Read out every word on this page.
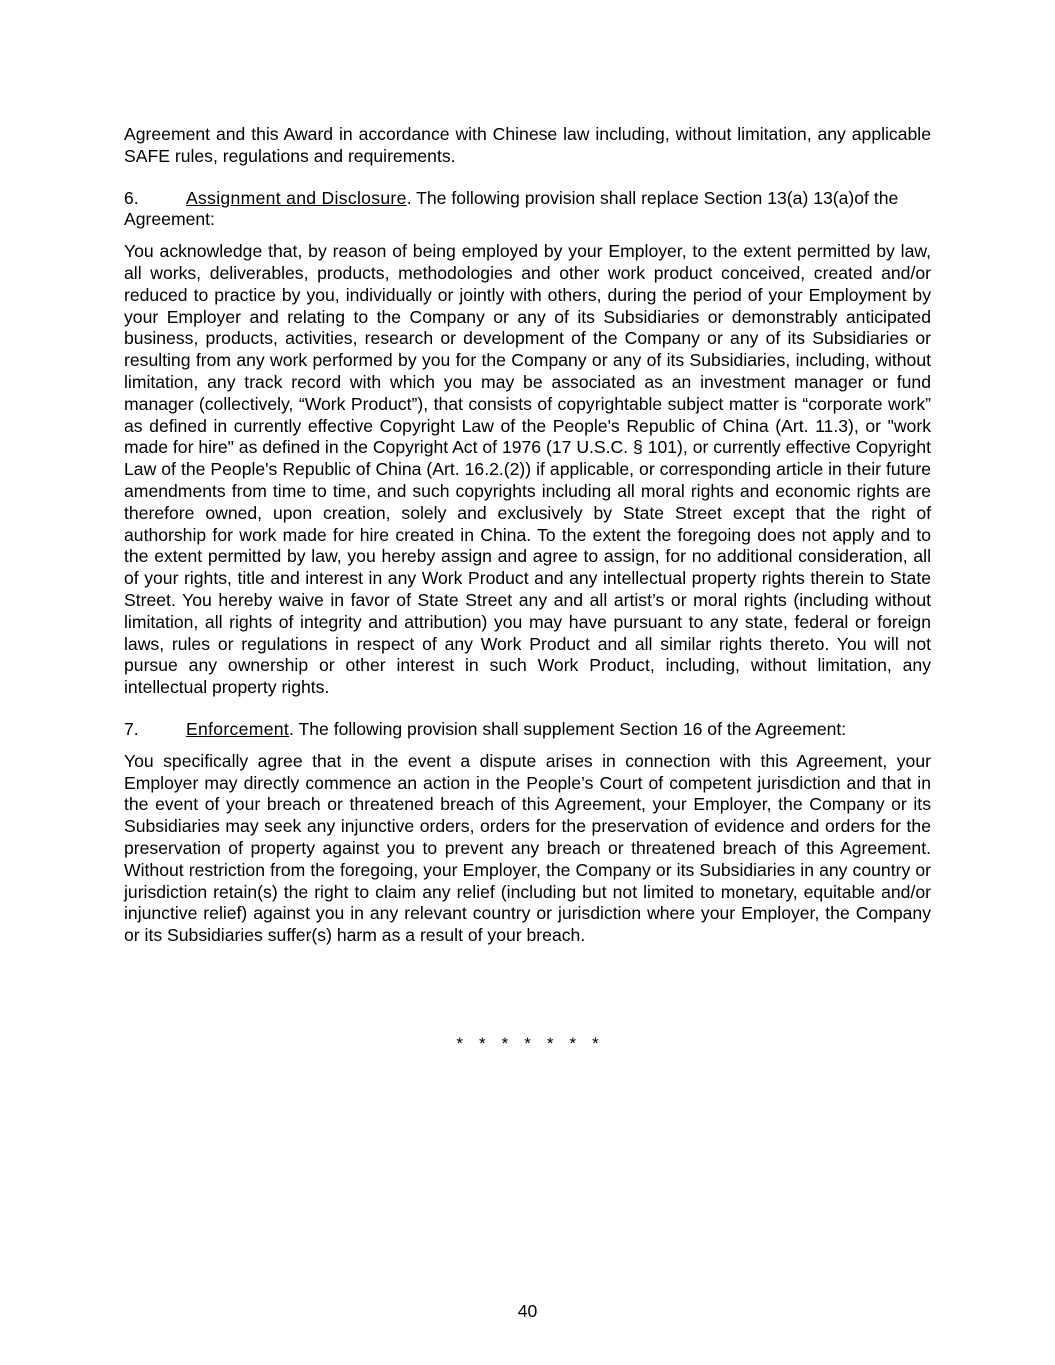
Agreement and this Award in accordance with Chinese law including, without limitation, any applicable SAFE rules, regulations and requirements.

6.	Assignment and Disclosure. The following provision shall replace Section 13(a) 13(a)of the Agreement:

You acknowledge that, by reason of being employed by your Employer, to the extent permitted by law, all works, deliverables, products, methodologies and other work product conceived, created and/or reduced to practice by you, individually or jointly with others, during the period of your Employment by your Employer and relating to the Company or any of its Subsidiaries or demonstrably anticipated business, products, activities, research or development of the Company or any of its Subsidiaries or resulting from any work performed by you for the Company or any of its Subsidiaries, including, without limitation, any track record with which you may be associated as an investment manager or fund manager (collectively, “Work Product”), that consists of copyrightable subject matter is “corporate work” as defined in currently effective Copyright Law of the People's Republic of China (Art. 11.3), or "work made for hire" as defined in the Copyright Act of 1976 (17 U.S.C. § 101), or currently effective Copyright Law of the People's Republic of China (Art. 16.2.(2)) if applicable, or corresponding article in their future amendments from time to time, and such copyrights including all moral rights and economic rights are therefore owned, upon creation, solely and exclusively by State Street except that the right of authorship for work made for hire created in China. To the extent the foregoing does not apply and to the extent permitted by law, you hereby assign and agree to assign, for no additional consideration, all of your rights, title and interest in any Work Product and any intellectual property rights therein to State Street. You hereby waive in favor of State Street any and all artist’s or moral rights (including without limitation, all rights of integrity and attribution) you may have pursuant to any state, federal or foreign laws, rules or regulations in respect of any Work Product and all similar rights thereto. You will not pursue any ownership or other interest in such Work Product, including, without limitation, any intellectual property rights.

7.	Enforcement. The following provision shall supplement Section 16 of the Agreement:

You specifically agree that in the event a dispute arises in connection with this Agreement, your Employer may directly commence an action in the People’s Court of competent jurisdiction and that in the event of your breach or threatened breach of this Agreement, your Employer, the Company or its Subsidiaries may seek any injunctive orders, orders for the preservation of evidence and orders for the preservation of property against you to prevent any breach or threatened breach of this Agreement. Without restriction from the foregoing, your Employer, the Company or its Subsidiaries in any country or jurisdiction retain(s) the right to claim any relief (including but not limited to monetary, equitable and/or injunctive relief) against you in any relevant country or jurisdiction where your Employer, the Company or its Subsidiaries suffer(s) harm as a result of your breach.

* * * * * * *
40
